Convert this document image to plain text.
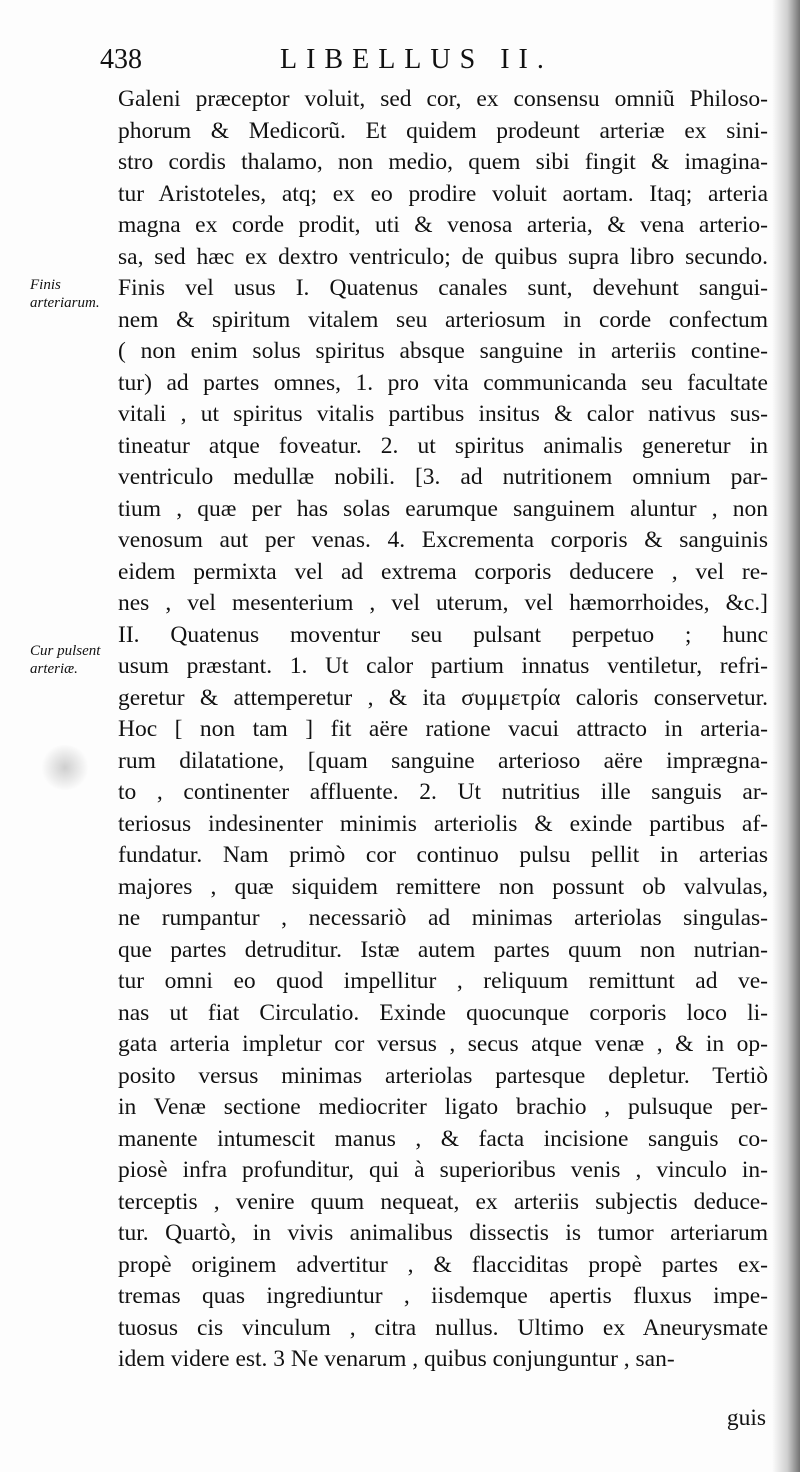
438	LIBELLUS II.
Finis arteriarum.
Cur pulsent arteriæ.
Galeni præceptor voluit, sed cor, ex consensu omniũ Philoso-
phorum & Medicorũ. Et quidem prodeunt arteriæ ex sini-
stro cordis thalamo, non medio, quem sibi fingit & imagina-
tur Aristoteles, atq; ex eo prodire voluit aortam. Itaq; arteria
magna ex corde prodit, uti & venosa arteria, & vena arterio-
sa, sed hæc ex dextro ventriculo; de quibus supra libro secundo.
Finis vel usus I. Quatenus canales sunt, devehunt sangui-
nem & spiritum vitalem seu arteriosum in corde confectum
( non enim solus spiritus absque sanguine in arteriis contine-
tur) ad partes omnes, 1. pro vita communicanda seu facultate
vitali , ut spiritus vitalis partibus insitus & calor nativus sus-
tineatur atque foveatur. 2. ut spiritus animalis generetur in
ventriculo medullæ nobili. [3. ad nutritionem omnium par-
tium , quæ per has solas earumque sanguinem aluntur , non
venosum aut per venas. 4. Excrementa corporis & sanguinis
eidem permixta vel ad extrema corporis deducere , vel re-
nes , vel mesenterium , vel uterum, vel hæmorrhoides, &c.]
II. Quatenus moventur seu pulsant perpetuo ; hunc
usum præstant. 1. Ut calor partium innatus ventiletur, refri-
geretur & attemperetur , & ita συμμετρία caloris conservetur.
Hoc [ non tam ] fit aëre ratione vacui attracto in arteria-
rum dilatatione, [quam sanguine arterioso aëre imprægna-
to , continenter affluente. 2. Ut nutritius ille sanguis ar-
teriosus indesinenter minimis arteriolis & exinde partibus af-
fundatur. Nam primò cor continuo pulsu pellit in arterias
majores , quæ siquidem remittere non possunt ob valvulas,
ne rumpantur , necessariò ad minimas arteriolas singulas-
que partes detruditur. Istæ autem partes quum non nutrian-
tur omni eo quod impellitur , reliquum remittunt ad ve-
nas ut fiat Circulatio. Exinde quocunque corporis loco li-
gata arteria impletur cor versus , secus atque venæ , & in op-
posito versus minimas arteriolas partesque depletur. Tertiò
in Venæ sectione mediocriter ligato brachio , pulsuque per-
manente intumescit manus , & facta incisione sanguis co-
piosè infra profunditur, qui à superioribus venis , vinculo in-
terceptis , venire quum nequeat, ex arteriis subjectis deduce-
tur. Quartò, in vivis animalibus dissectis is tumor arteriarum
propè originem advertitur , & flacciditas propè partes ex-
tremas quas ingrediuntur , iisdemque apertis fluxus impe-
tuosus cis vinculum , citra nullus. Ultimo ex Aneurysmate
idem videre est. 3 Ne venarum , quibus conjunguntur , san-
guis
